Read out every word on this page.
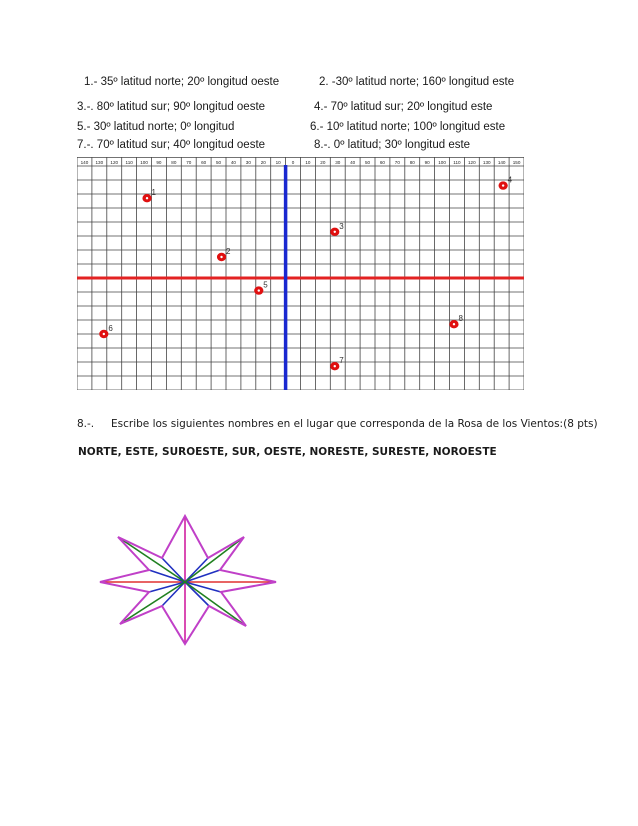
1.- 35º latitud norte; 20º longitud oeste	2. -30º latitud norte; 160º longitud este
3.-. 80º latitud sur; 90º longitud oeste	4.- 70º latitud sur; 20º longitud este
5.- 30º latitud norte; 0º longitud	6.- 10º latitud norte; 100º longitud este
7.-. 70º latitud sur; 40º longitud oeste	8.-. 0º latitud; 30º longitud este
140 130 120 110 100 90 80 70 60 50 40 30 20 10 0 10 20 30 40 50 60 70 80 90 100 110 120 130 140 150
1
2
3
4
5
6
7
8
8.-. Escribe los siguientes nombres en el lugar que corresponda de la Rosa de los Vientos:(8 pts)
NORTE, ESTE, SUROESTE, SUR, OESTE, NORESTE, SURESTE, NOROESTE
